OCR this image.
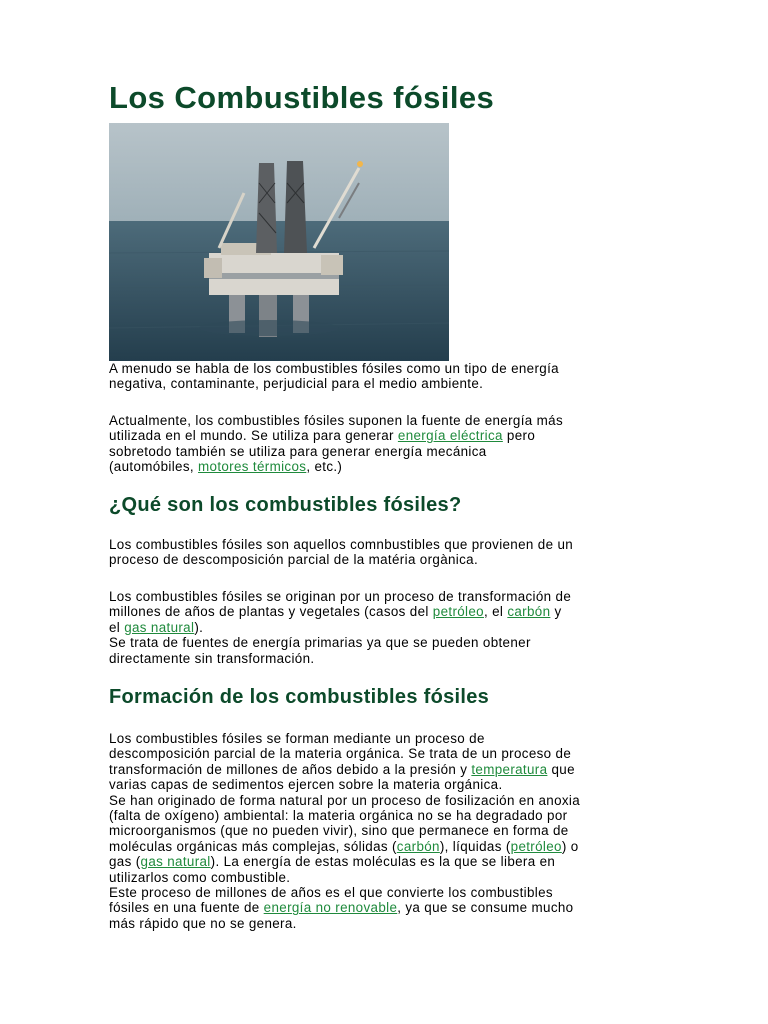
Los Combustibles fósiles

A menudo se habla de los combustibles fósiles como un tipo de energía
negativa, contaminante, perjudicial para el medio ambiente.

Actualmente, los combustibles fósiles suponen la fuente de energía más
utilizada en el mundo. Se utiliza para generar energía eléctrica pero
sobretodo también se utiliza para generar energía mecánica
(automóbiles, motores térmicos, etc.)

¿Qué son los combustibles fósiles?

Los combustibles fósiles son aquellos comnbustibles que provienen de un
proceso de descomposición parcial de la matéria orgànica.

Los combustibles fósiles se originan por un proceso de transformación de
millones de años de plantas y vegetales (casos del petróleo, el carbón y
el gas natural).
Se trata de fuentes de energía primarias ya que se pueden obtener
directamente sin transformación.

Formación de los combustibles fósiles

Los combustibles fósiles se forman mediante un proceso de
descomposición parcial de la materia orgánica. Se trata de un proceso de
transformación de millones de años debido a la presión y temperatura que
varias capas de sedimentos ejercen sobre la materia orgánica.
Se han originado de forma natural por un proceso de fosilización en anoxia
(falta de oxígeno) ambiental: la materia orgánica no se ha degradado por
microorganismos (que no pueden vivir), sino que permanece en forma de
moléculas orgánicas más complejas, sólidas (carbón), líquidas (petróleo) o
gas (gas natural). La energía de estas moléculas es la que se libera en
utilizarlos como combustible.
Este proceso de millones de años es el que convierte los combustibles
fósiles en una fuente de energía no renovable, ya que se consume mucho
más rápido que no se genera.
